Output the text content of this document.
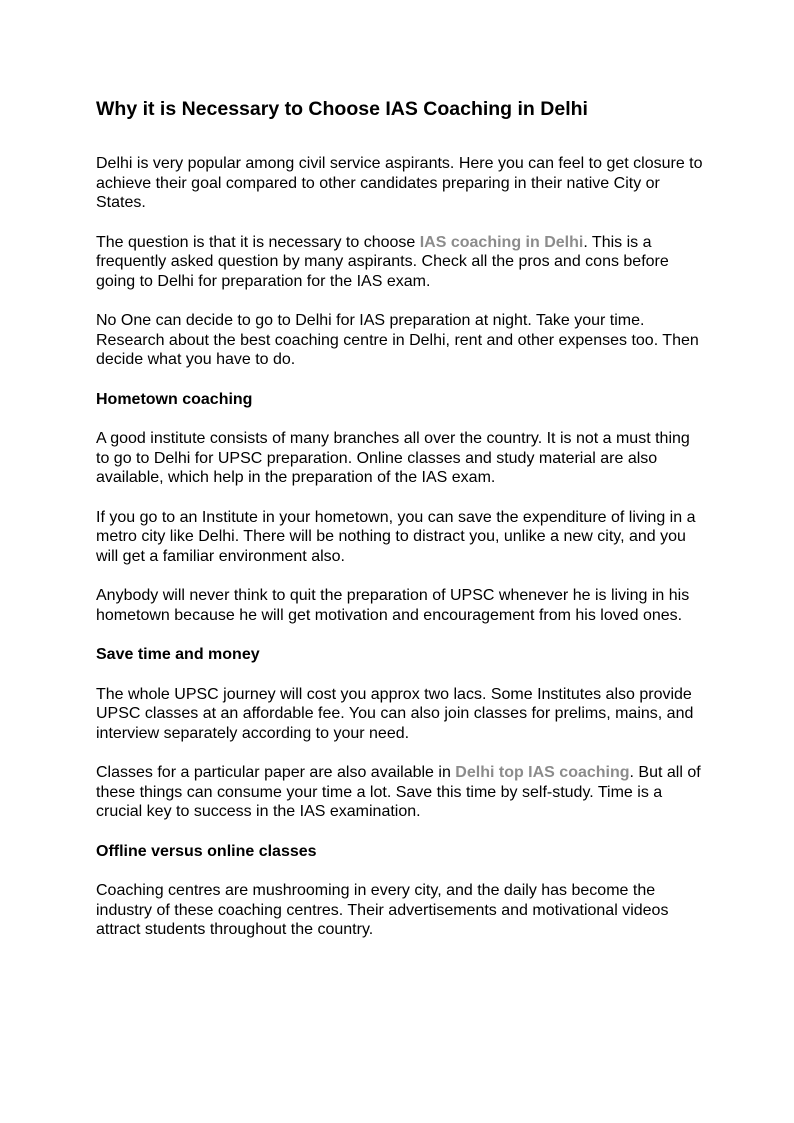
Why it is Necessary to Choose IAS Coaching in Delhi

Delhi is very popular among civil service aspirants. Here you can feel to get closure to achieve their goal compared to other candidates preparing in their native City or States.

The question is that it is necessary to choose IAS coaching in Delhi. This is a frequently asked question by many aspirants. Check all the pros and cons before going to Delhi for preparation for the IAS exam.

No One can decide to go to Delhi for IAS preparation at night. Take your time. Research about the best coaching centre in Delhi, rent and other expenses too. Then decide what you have to do.

Hometown coaching

A good institute consists of many branches all over the country. It is not a must thing to go to Delhi for UPSC preparation. Online classes and study material are also available, which help in the preparation of the IAS exam.

If you go to an Institute in your hometown, you can save the expenditure of living in a metro city like Delhi. There will be nothing to distract you, unlike a new city, and you will get a familiar environment also.

Anybody will never think to quit the preparation of UPSC whenever he is living in his hometown because he will get motivation and encouragement from his loved ones.

Save time and money

The whole UPSC journey will cost you approx two lacs. Some Institutes also provide UPSC classes at an affordable fee. You can also join classes for prelims, mains, and interview separately according to your need.

Classes for a particular paper are also available in Delhi top IAS coaching. But all of these things can consume your time a lot. Save this time by self-study. Time is a crucial key to success in the IAS examination.

Offline versus online classes

Coaching centres are mushrooming in every city, and the daily has become the industry of these coaching centres. Their advertisements and motivational videos attract students throughout the country.
